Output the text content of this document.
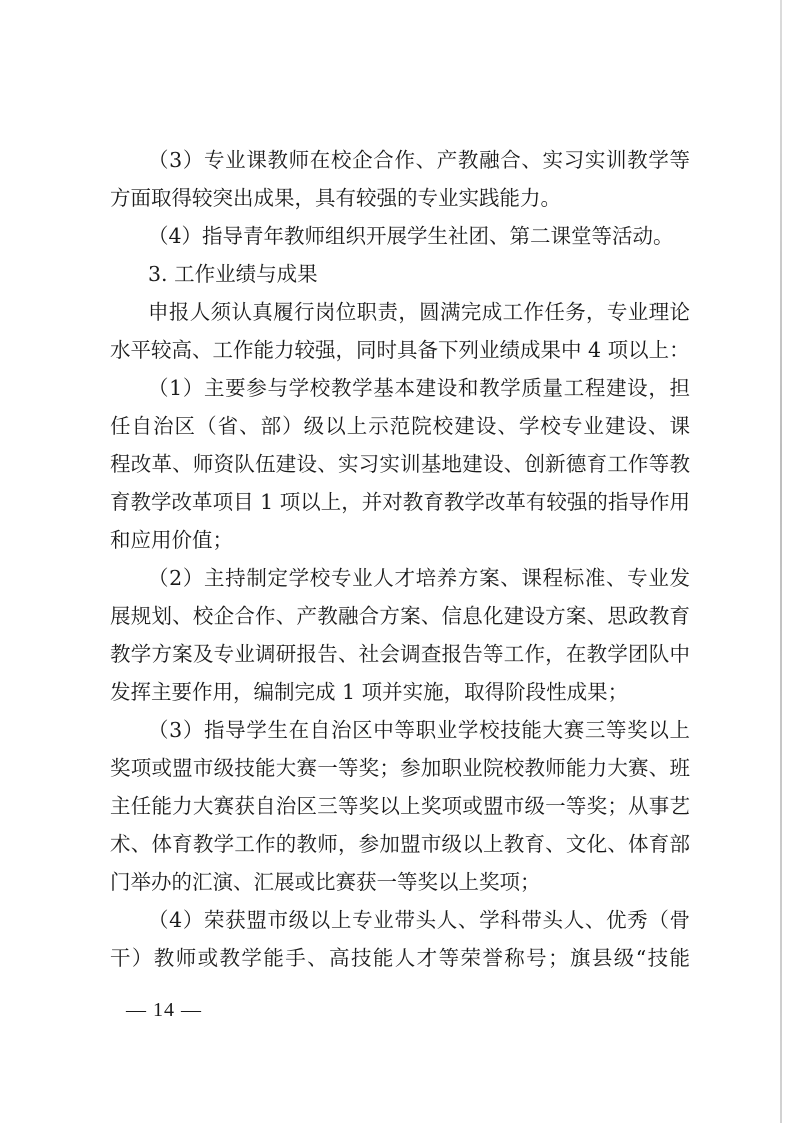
（3）专业课教师在校企合作、产教融合、实习实训教学等
方面取得较突出成果，具有较强的专业实践能力。
（4）指导青年教师组织开展学生社团、第二课堂等活动。
3. 工作业绩与成果
申报人须认真履行岗位职责，圆满完成工作任务，专业理论
水平较高、工作能力较强，同时具备下列业绩成果中 4 项以上：
（1）主要参与学校教学基本建设和教学质量工程建设，担
任自治区（省、部）级以上示范院校建设、学校专业建设、课
程改革、师资队伍建设、实习实训基地建设、创新德育工作等教
育教学改革项目 1 项以上，并对教育教学改革有较强的指导作用
和应用价值；
（2）主持制定学校专业人才培养方案、课程标准、专业发
展规划、校企合作、产教融合方案、信息化建设方案、思政教育
教学方案及专业调研报告、社会调查报告等工作，在教学团队中
发挥主要作用，编制完成 1 项并实施，取得阶段性成果；
（3）指导学生在自治区中等职业学校技能大赛三等奖以上
奖项或盟市级技能大赛一等奖；参加职业院校教师能力大赛、班
主任能力大赛获自治区三等奖以上奖项或盟市级一等奖；从事艺
术、体育教学工作的教师，参加盟市级以上教育、文化、体育部
门举办的汇演、汇展或比赛获一等奖以上奖项；
（4）荣获盟市级以上专业带头人、学科带头人、优秀（骨
干）教师或教学能手、高技能人才等荣誉称号；旗县级“技能
— 14 —
